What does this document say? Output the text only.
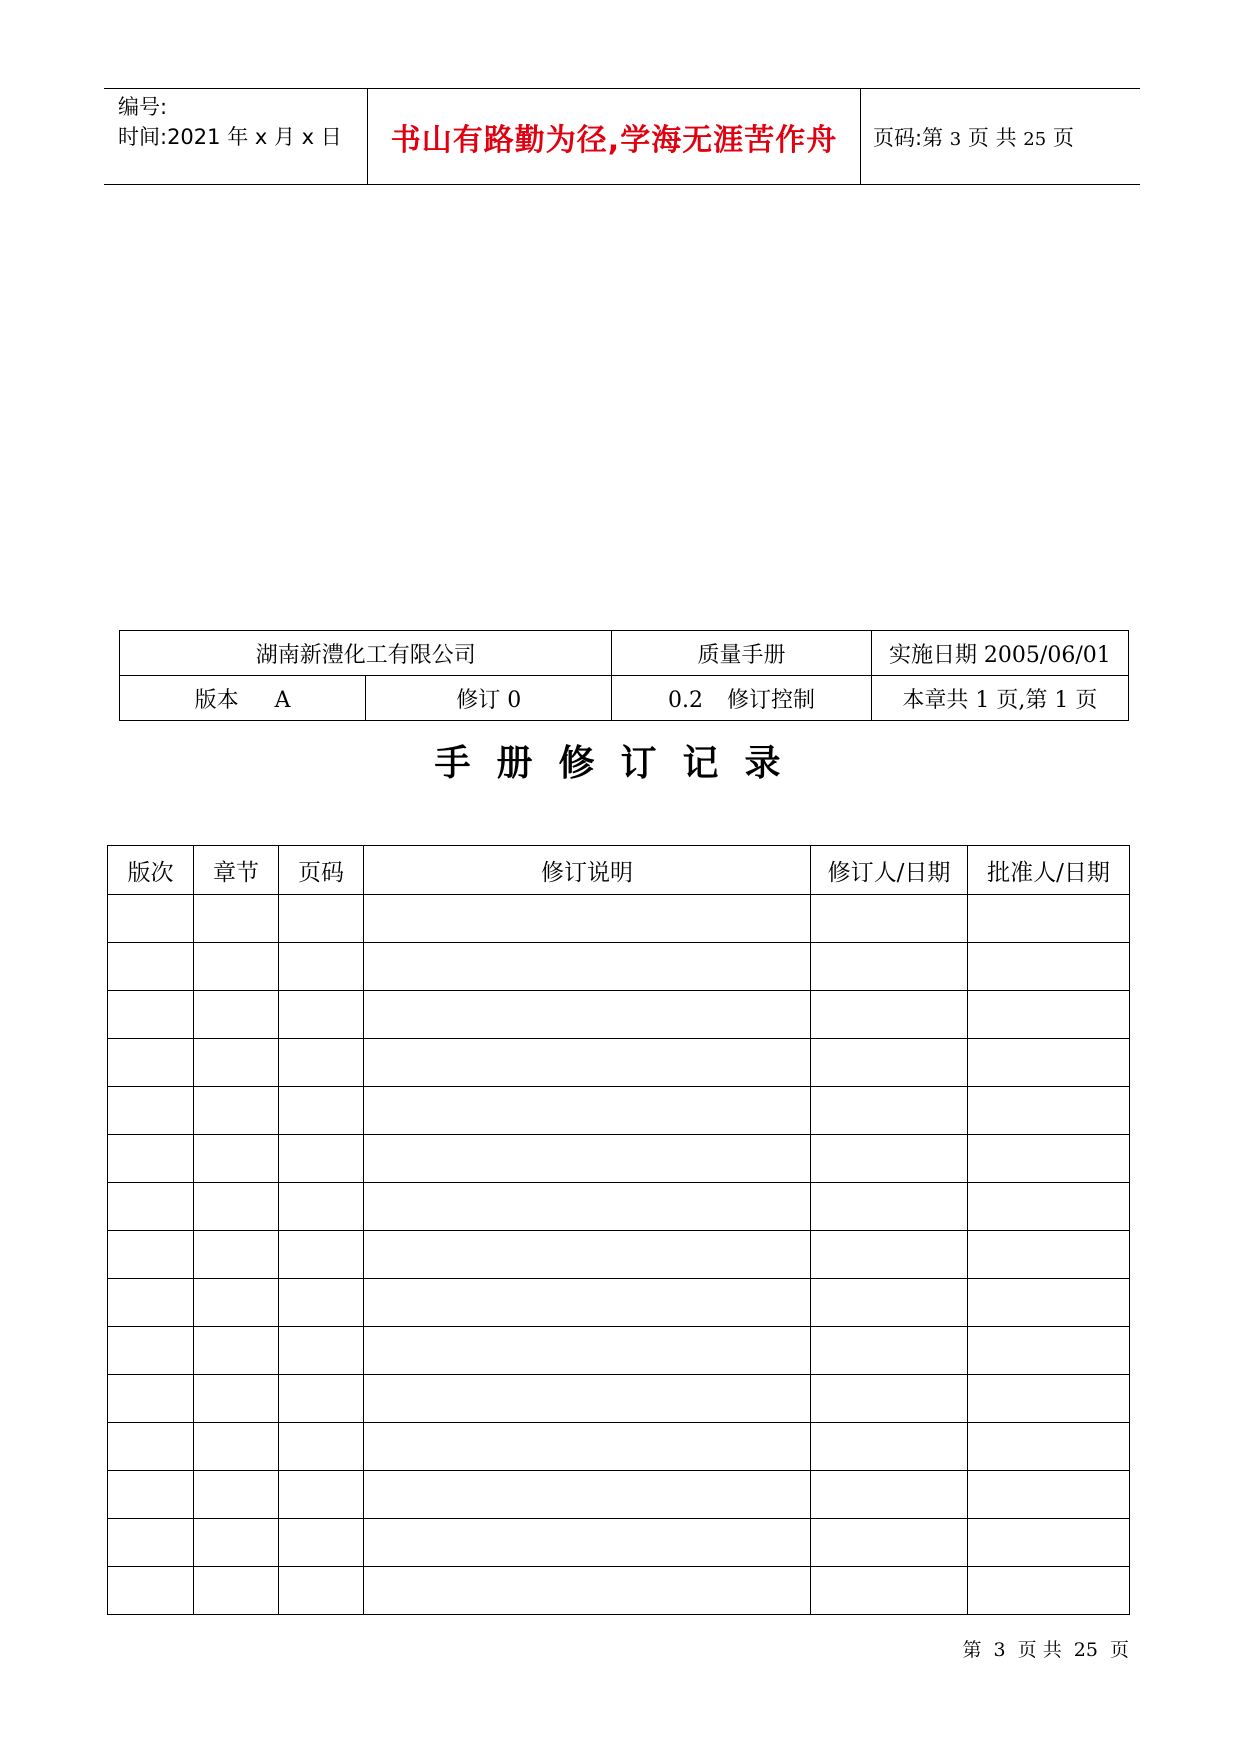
编号:
时间:2021 年 x 月 x 日 书山有路勤为径,学海无涯苦作舟 页码:第 3 页 共 25 页
湖南新澧化工有限公司		质量手册	实施日期 2005/06/01
版本 A	修订 0	0.2 修订控制	本章共 1 页,第 1 页
手册修订记录
版次	章节	页码	修订说明	修订人/日期	批准人/日期

第 3 页 共 25 页
